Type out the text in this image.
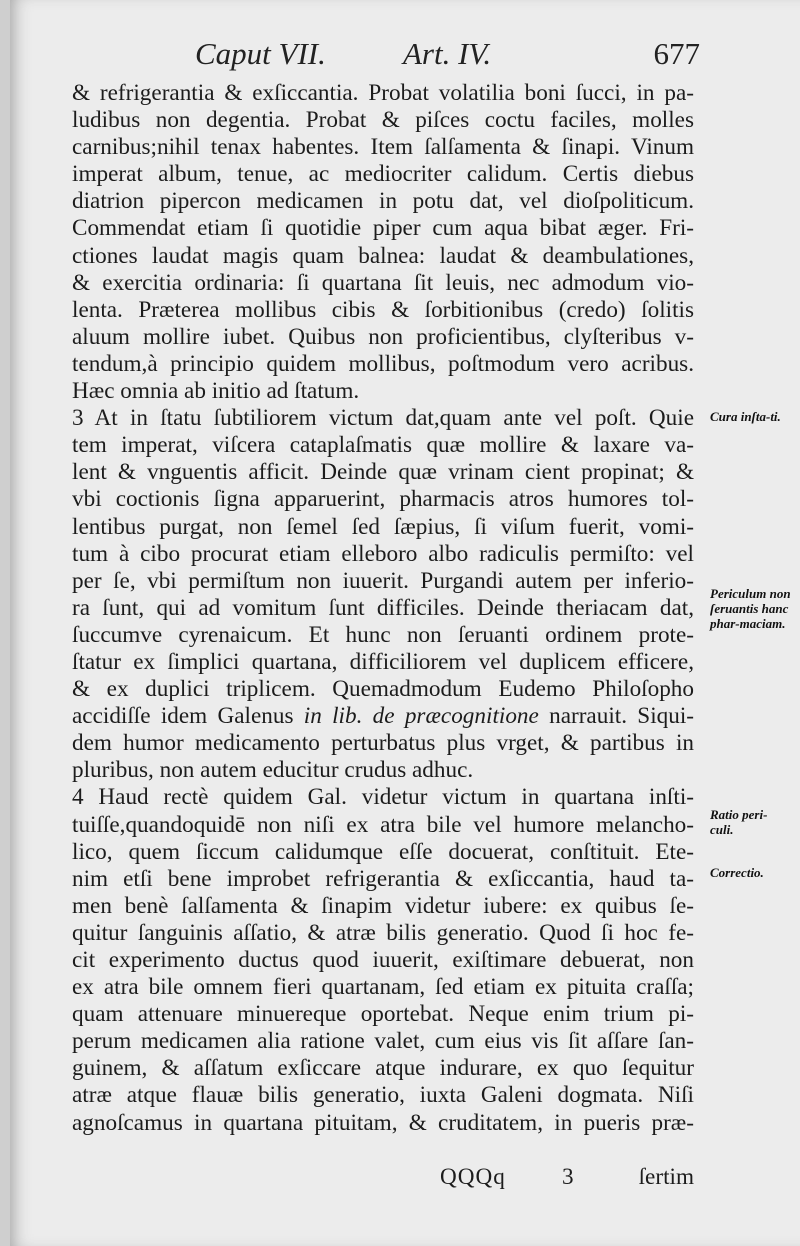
Caput VII. Art. IV.	677
& refrigerantia & exſiccantia. Probat volatilia boni ſucci, in pa-
ludibus non degentia. Probat & piſces coctu faciles, molles
carnibus;nihil tenax habentes. Item ſalſamenta & ſinapi. Vinum
imperat album, tenue, ac mediocriter calidum. Certis diebus
diatrion pipercon medicamen in potu dat, vel dioſpoliticum.
Commendat etiam ſi quotidie piper cum aqua bibat æger. Fri-
ctiones laudat magis quam balnea: laudat & deambulationes,
& exercitia ordinaria: ſi quartana ſit leuis, nec admodum vio-
lenta. Præterea mollibus cibis & ſorbitionibus (credo) ſolitis
aluum mollire iubet. Quibus non proficientibus, clyſteribus v-
tendum,à principio quidem mollibus, poſtmodum vero acribus.
Hæc omnia ab initio ad ſtatum.
3 At in ſtatu ſubtiliorem victum dat,quam ante vel poſt. Quie
tem imperat, viſcera cataplaſmatis quæ mollire & laxare va-
lent & vnguentis afficit. Deinde quæ vrinam cient propinat; &
vbi coctionis ſigna apparuerint, pharmacis atros humores tol-
lentibus purgat, non ſemel ſed ſæpius, ſi viſum fuerit, vomi-
tum à cibo procurat etiam elleboro albo radiculis permiſto: vel
per ſe, vbi permiſtum non iuuerit. Purgandi autem per inferio-
ra ſunt, qui ad vomitum ſunt difficiles. Deinde theriacam dat,
ſuccumve cyrenaicum. Et hunc non ſeruanti ordinem prote-
ſtatur ex ſimplici quartana, difficiliorem vel duplicem efficere,
& ex duplici triplicem. Quemadmodum Eudemo Philoſopho
accidiſſe idem Galenus in lib. de præcognitione narrauit. Siqui-
dem humor medicamento perturbatus plus vrget, & partibus in
pluribus, non autem educitur crudus adhuc.
4 Haud rectè quidem Gal. videtur victum in quartana inſti-
tuiſſe,quandoquidē non niſi ex atra bile vel humore melancho-
lico, quem ſiccum calidumque eſſe docuerat, conſtituit. Ete-
nim etſi bene improbet refrigerantia & exſiccantia, haud ta-
men benè ſalſamenta & ſinapim videtur iubere: ex quibus ſe-
quitur ſanguinis aſſatio, & atræ bilis generatio. Quod ſi hoc fe-
cit experimento ductus quod iuuerit, exiſtimare debuerat, non
ex atra bile omnem fieri quartanam, ſed etiam ex pituita craſſa;
quam attenuare minuereque oportebat. Neque enim trium pi-
perum medicamen alia ratione valet, cum eius vis ſit aſſare ſan-
guinem, & aſſatum exſiccare atque indurare, ex quo ſequitur
atræ atque flauæ bilis generatio, iuxta Galeni dogmata. Niſi
agnoſcamus in quartana pituitam, & cruditatem, in pueris præ-
Cura inſta-ti.
Periculum non ſeruantis hanc phar-maciam.
Ratio peri-culi.
Correctio.
QQQq 3	ſertim
